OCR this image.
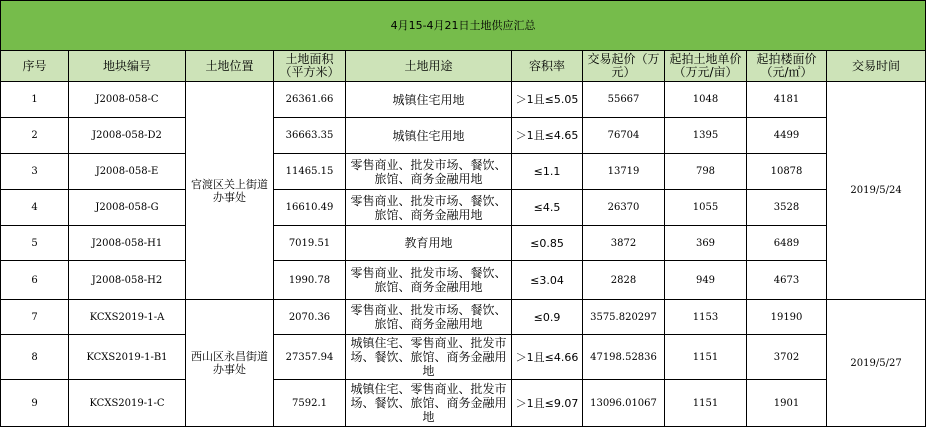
4月15-4月21日土地供应汇总									
序号	地块编号	土地位置	土地面积（平方米）	土地用途	容积率	交易起价（万元）	起拍土地单价（万元/亩）	起拍楼面价（元/㎡）	交易时间
1	J2008-058-C	官渡区关上街道办事处	26361.66	城镇住宅用地	＞1且≤5.05	55667	1048	4181	2019/5/24
2	J2008-058-D2		36663.35	城镇住宅用地	＞1且≤4.65	76704	1395	4499	
3	J2008-058-E		11465.15	零售商业、批发市场、餐饮、旅馆、商务金融用地	≤1.1	13719	798	10878	
4	J2008-058-G		16610.49	零售商业、批发市场、餐饮、旅馆、商务金融用地	≤4.5	26370	1055	3528	
5	J2008-058-H1		7019.51	教育用地	≤0.85	3872	369	6489	
6	J2008-058-H2		1990.78	零售商业、批发市场、餐饮、旅馆、商务金融用地	≤3.04	2828	949	4673	
7	KCXS2019-1-A	西山区永昌街道办事处	2070.36	零售商业、批发市场、餐饮、旅馆、商务金融用地	≤0.9	3575.820297	1153	19190	2019/5/27
8	KCXS2019-1-B1		27357.94	城镇住宅、零售商业、批发市场、餐饮、旅馆、商务金融用地	＞1且≤4.66	47198.52836	1151	3702	
9	KCXS2019-1-C		7592.1	城镇住宅、零售商业、批发市场、餐饮、旅馆、商务金融用地	＞1且≤9.07	13096.01067	1151	1901	
